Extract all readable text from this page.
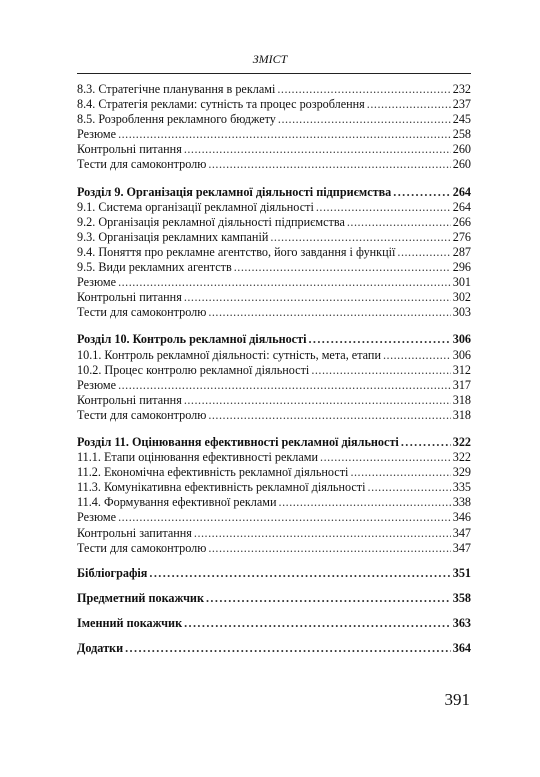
ЗМІСТ
8.3. Стратегічне планування в рекламі .....	232
8.4. Стратегія реклами: сутність та процес розроблення .....	237
8.5. Розроблення рекламного бюджету .....	245
Резюме .....	258
Контрольні питання .....	260
Тести для самоконтролю .....	260
Розділ 9. Організація рекламної діяльності підприємства .....	264
9.1. Система організації рекламної діяльності .....	264
9.2. Організація рекламної діяльності підприємства .....	266
9.3. Організація рекламних кампаній .....	276
9.4. Поняття про рекламне агентство, його завдання і функції .....	287
9.5. Види рекламних агентств .....	296
Резюме .....	301
Контрольні питання .....	302
Тести для самоконтролю .....	303
Розділ 10. Контроль рекламної діяльності .....	306
10.1. Контроль рекламної діяльності: сутність, мета, етапи .....	306
10.2. Процес контролю рекламної діяльності .....	312
Резюме .....	317
Контрольні питання .....	318
Тести для самоконтролю .....	318
Розділ 11. Оцінювання ефективності рекламної діяльності .....	322
11.1. Етапи оцінювання ефективності реклами .....	322
11.2. Економічна ефективність рекламної діяльності .....	329
11.3. Комунікативна ефективність рекламної діяльності .....	335
11.4. Формування ефективної реклами .....	338
Резюме .....	346
Контрольні запитання .....	347
Тести для самоконтролю .....	347
Бібліографія .....	351
Предметний покажчик .....	358
Іменний покажчик .....	363
Додатки .....	364
391
